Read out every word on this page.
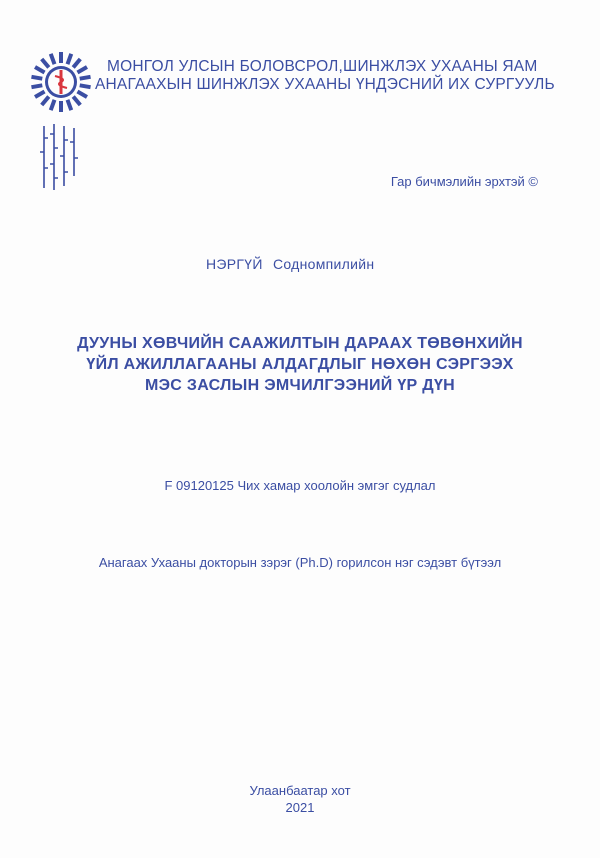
МОНГОЛ УЛСЫН БОЛОВСРОЛ,ШИНЖЛЭХ УХААНЫ ЯАМ
АНАГААХЫН ШИНЖЛЭХ УХААНЫ ҮНДЭСНИЙ ИХ СУРГУУЛЬ
Гар бичмэлийн эрхтэй ©
НЭРГҮЙ Содномпилийн
ДУУНЫ ХӨВЧИЙН СААЖИЛТЫН ДАРААХ ТӨВӨНХИЙН
ҮЙЛ АЖИЛЛАГААНЫ АЛДАГДЛЫГ НӨХӨН СЭРГЭЭХ
МЭС ЗАСЛЫН ЭМЧИЛГЭЭНИЙ ҮР ДҮН
F 09120125 Чих хамар хоолойн эмгэг судлал
Анагаах Ухааны докторын зэрэг (Ph.D) горилсон нэг сэдэвт бүтээл
Улаанбаатар хот
2021
